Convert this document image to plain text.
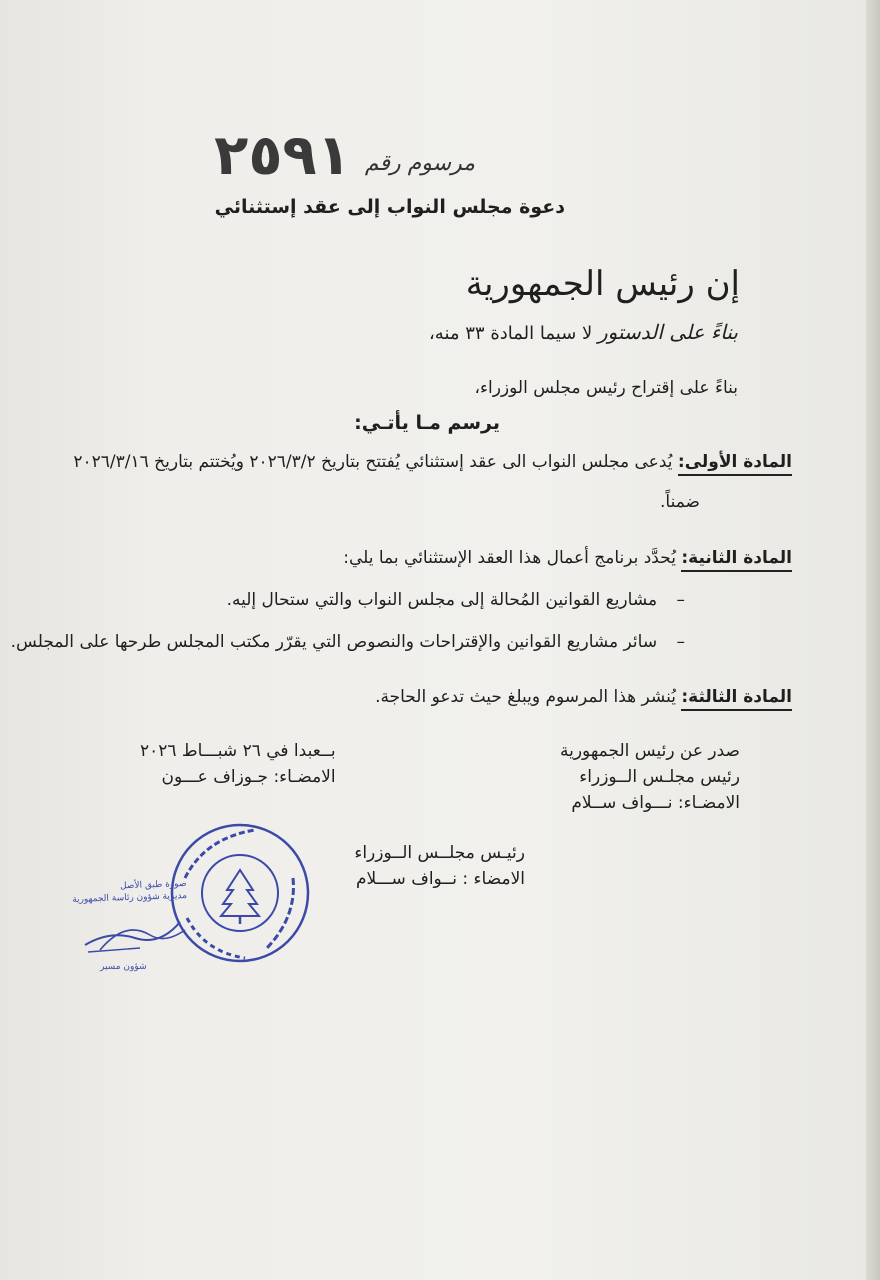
مرسوم رقم
٢٥٩١
دعوة مجلس النواب إلى عقد إستثنائي
إن رئيس الجمهورية
بناءً على الدستور لا سيما المادة ٣٣ منه،
بناءً على إقتراح رئيس مجلس الوزراء،
يرسم مـا يأتـي:
المادة الأولى: يُدعى مجلس النواب الى عقد إستثنائي يُفتتح بتاريخ ٢٠٢٦/٣/٢ ويُختتم بتاريخ ٢٠٢٦/٣/١٦
ضمناً.
المادة الثانية: يُحدَّد برنامج أعمال هذا العقد الإستثنائي بما يلي:
– مشاريع القوانين المُحالة إلى مجلس النواب والتي ستحال إليه.
– سائر مشاريع القوانين والإقتراحات والنصوص التي يقرّر مكتب المجلس طرحها على المجلس.
المادة الثالثة: يُنشر هذا المرسوم ويبلغ حيث تدعو الحاجة.
صدر عن رئيس الجمهورية
رئيس مجلـس الــوزراء
الامضـاء: نـــواف ســلام
بــعبدا في ٢٦ شبـــاط ٢٠٢٦
الامضـاء: جـوزاف عـــون
رئيـس مجلــس الــوزراء
الامضاء : نــواف ســـلام
صورة طبق الأصل
مديرية شؤون رئاسة الجمهورية
شؤون مسير
